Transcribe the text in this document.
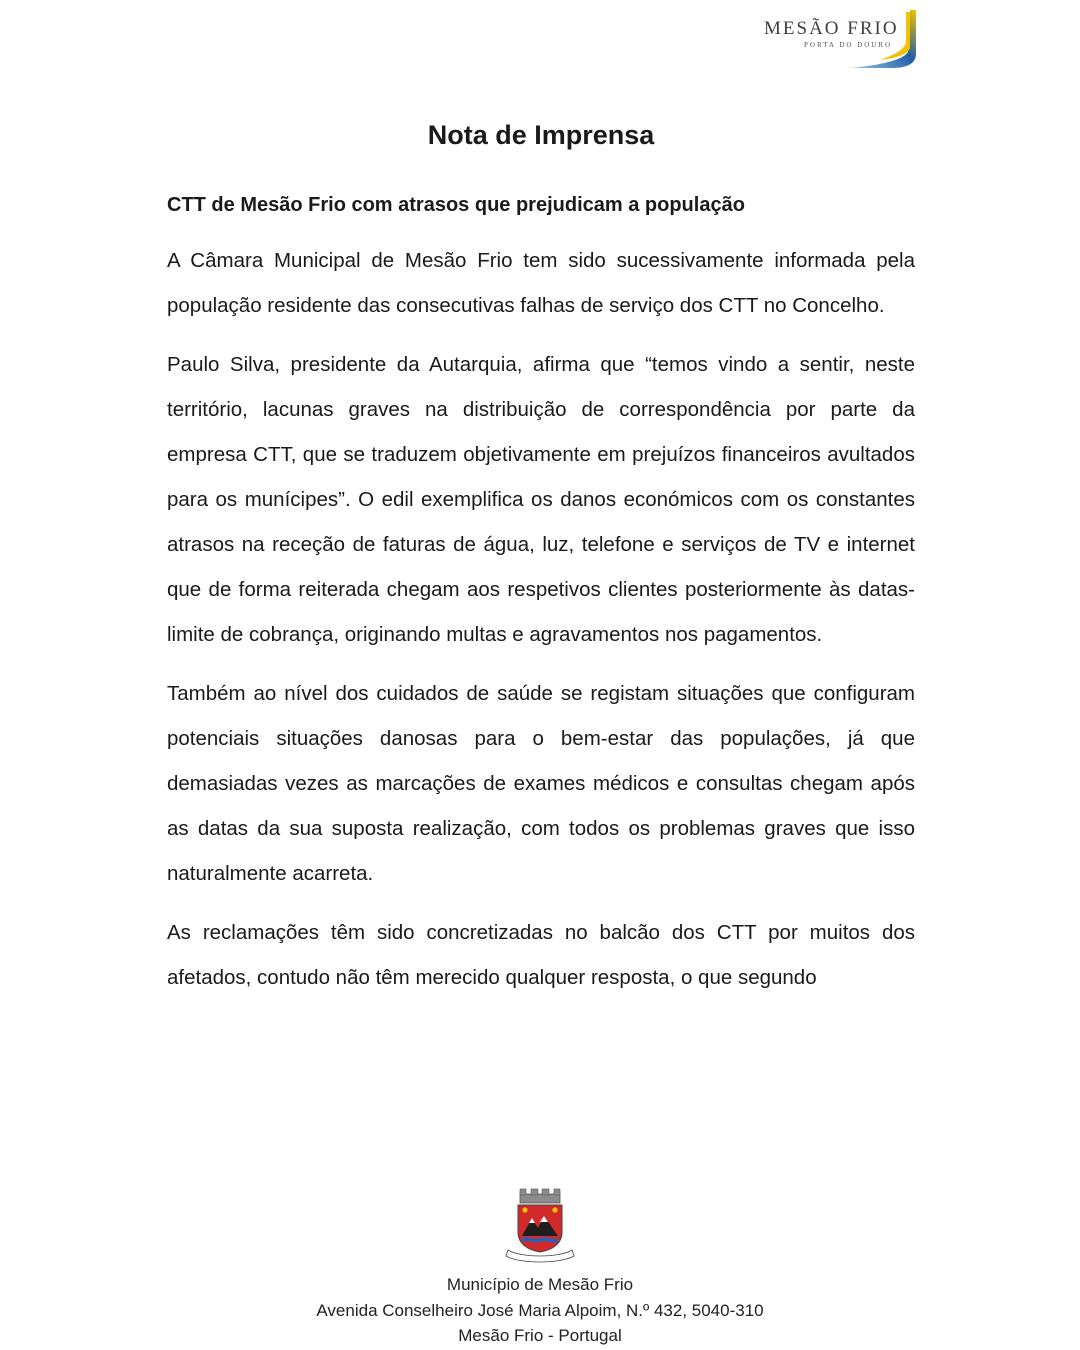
MESÃO FRIO
PORTA DO DOURO
Nota de Imprensa
CTT de Mesão Frio com atrasos que prejudicam a população

A Câmara Municipal de Mesão Frio tem sido sucessivamente informada pela população residente das consecutivas falhas de serviço dos CTT no Concelho.

Paulo Silva, presidente da Autarquia, afirma que “temos vindo a sentir, neste território, lacunas graves na distribuição de correspondência por parte da empresa CTT, que se traduzem objetivamente em prejuízos financeiros avultados para os munícipes”. O edil exemplifica os danos económicos com os constantes atrasos na receção de faturas de água, luz, telefone e serviços de TV e internet que de forma reiterada chegam aos respetivos clientes posteriormente às datas-limite de cobrança, originando multas e agravamentos nos pagamentos.

Também ao nível dos cuidados de saúde se registam situações que configuram potenciais situações danosas para o bem-estar das populações, já que demasiadas vezes as marcações de exames médicos e consultas chegam após as datas da sua suposta realização, com todos os problemas graves que isso naturalmente acarreta.

As reclamações têm sido concretizadas no balcão dos CTT por muitos dos afetados, contudo não têm merecido qualquer resposta, o que segundo

Município de Mesão Frio
Avenida Conselheiro José Maria Alpoim, N.º 432, 5040-310
Mesão Frio - Portugal
